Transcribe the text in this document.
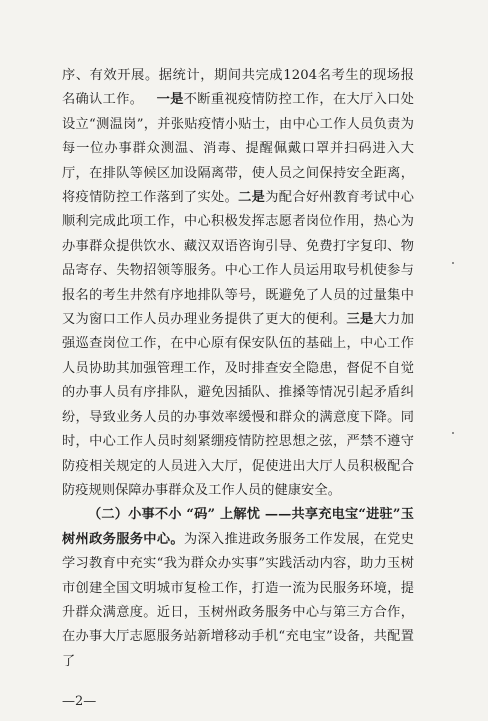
序、有效开展。据统计，期间共完成1204名考生的现场报名确认工作。 一是不断重视疫情防控工作，在大厅入口处设立“测温岗”，并张贴疫情小贴士，由中心工作人员负责为每一位办事群众测温、消毒、提醒佩戴口罩并扫码进入大厅，在排队等候区加设隔离带，使人员之间保持安全距离，将疫情防控工作落到了实处。二是为配合好州教育考试中心顺利完成此项工作，中心积极发挥志愿者岗位作用，热心为办事群众提供饮水、藏汉双语咨询引导、免费打字复印、物品寄存、失物招领等服务。中心工作人员运用取号机使参与报名的考生井然有序地排队等号，既避免了人员的过量集中又为窗口工作人员办理业务提供了更大的便利。三是大力加强巡查岗位工作，在中心原有保安队伍的基础上，中心工作人员协助其加强管理工作，及时排查安全隐患，督促不自觉的办事人员有序排队，避免因插队、推搡等情况引起矛盾纠纷，导致业务人员的办事效率缓慢和群众的满意度下降。同时，中心工作人员时刻紧绷疫情防控思想之弦，严禁不遵守防疫相关规定的人员进入大厅，促使进出大厅人员积极配合防疫规则保障办事群众及工作人员的健康安全。

（二）小事不小 “码” 上解忧 ——共享充电宝“进驻”玉树州政务服务中心。为深入推进政务服务工作发展，在党史学习教育中充实“我为群众办实事”实践活动内容，助力玉树市创建全国文明城市复检工作，打造一流为民服务环境，提升群众满意度。近日，玉树州政务服务中心与第三方合作，在办事大厅志愿服务站新增移动手机“充电宝”设备，共配置了

—2—
